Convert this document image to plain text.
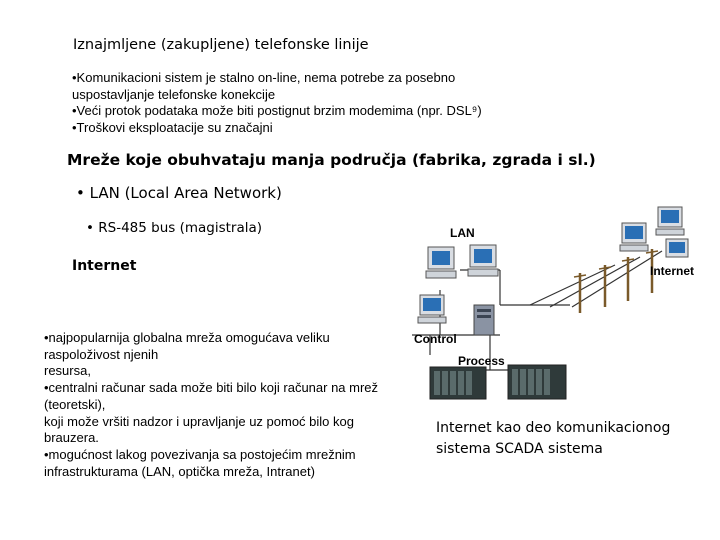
Iznajmljene (zakupljene) telefonske linije
•Komunikacioni sistem je stalno on-line, nema potrebe za posebno
uspostavljanje telefonske konekcije
•Veći protok podataka može biti postignut brzim modemima (npr. DSL⁹)
•Troškovi eksploatacije su značajni
Mreže koje obuhvataju manja područja (fabrika, zgrada i sl.)
• LAN (Local Area Network)
• RS-485 bus (magistrala)
Internet
•najpopularnija globalna mreža omogućava veliku
raspoloživost njenih
resursa,
•centralni računar sada može biti bilo koji računar na mrež
(teoretski),
koji može vršiti nadzor i upravljanje uz pomoć bilo kog
brauzera.
•mogućnost lakog povezivanja sa postojećim mrežnim
infrastrukturama (LAN, optička mreža, Intranet)
LAN
Internet
Control
Process
Internet kao deo komunikacionog
sistema SCADA sistema
